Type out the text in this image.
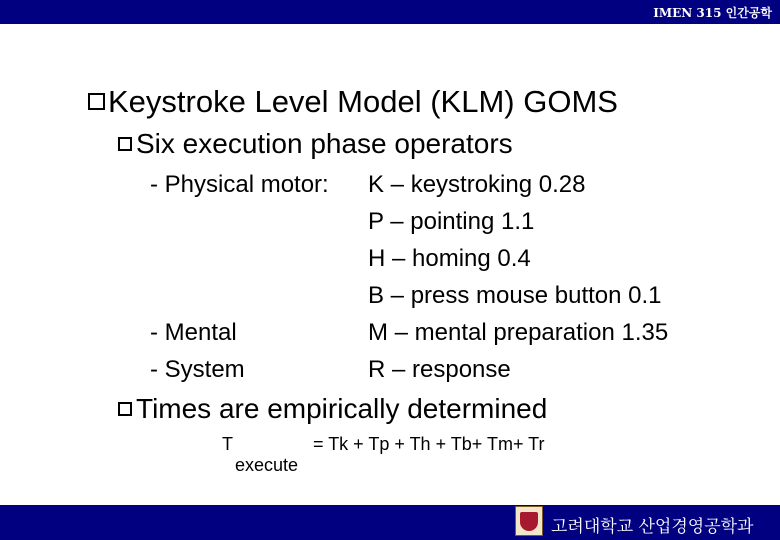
IMEN 315 인간공학
Keystroke Level Model (KLM) GOMS
Six execution phase operators
- Physical motor: K – keystroking 0.28
P – pointing 1.1
H – homing 0.4
B – press mouse button 0.1
- Mental	M – mental preparation 1.35
- System	R – response
Times are empirically determined
T
execute
= Tk + Tp + Th + Tb+ Tm+ Tr
고려대학교 산업경영공학과
